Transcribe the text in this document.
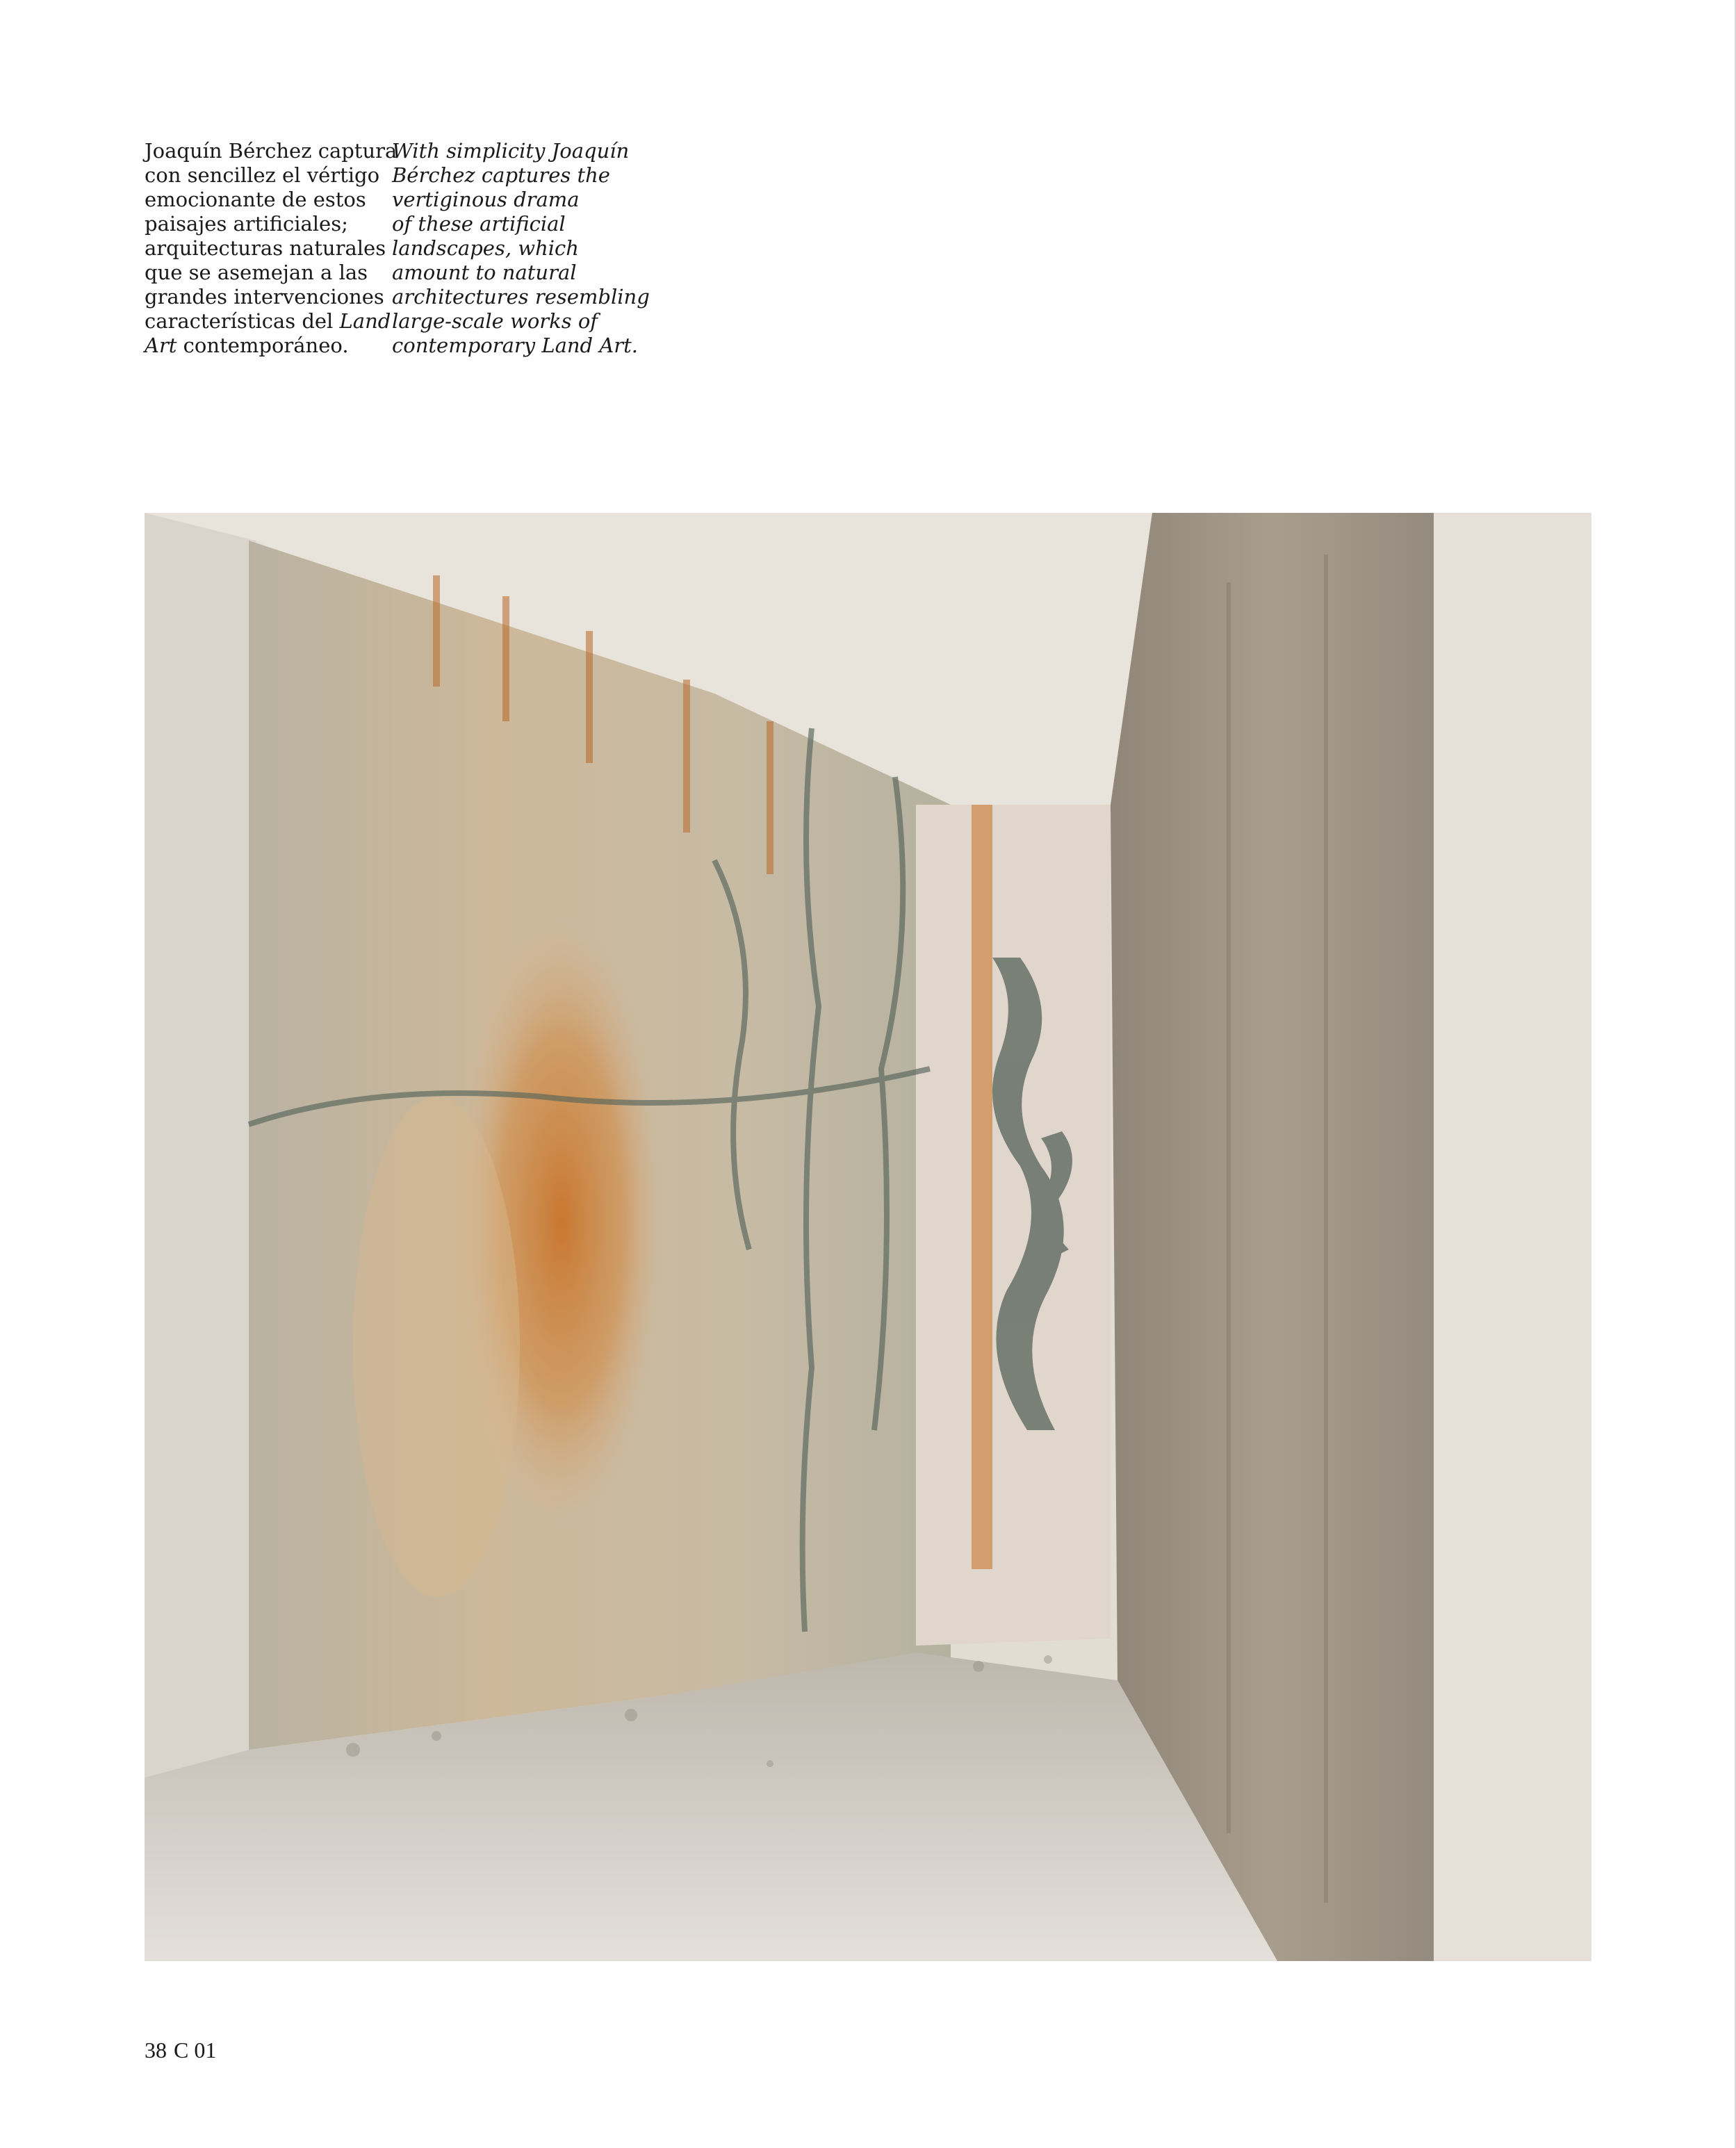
Joaquín Bérchez captura
con sencillez el vértigo
emocionante de estos
paisajes artificiales;
arquitecturas naturales
que se asemejan a las
grandes intervenciones
características del Land
Art contemporáneo.
With simplicity Joaquín
Bérchez captures the
vertiginous drama
of these artificial
landscapes, which
amount to natural
architectures resembling
large-scale works of
contemporary Land Art.
38 C 01
